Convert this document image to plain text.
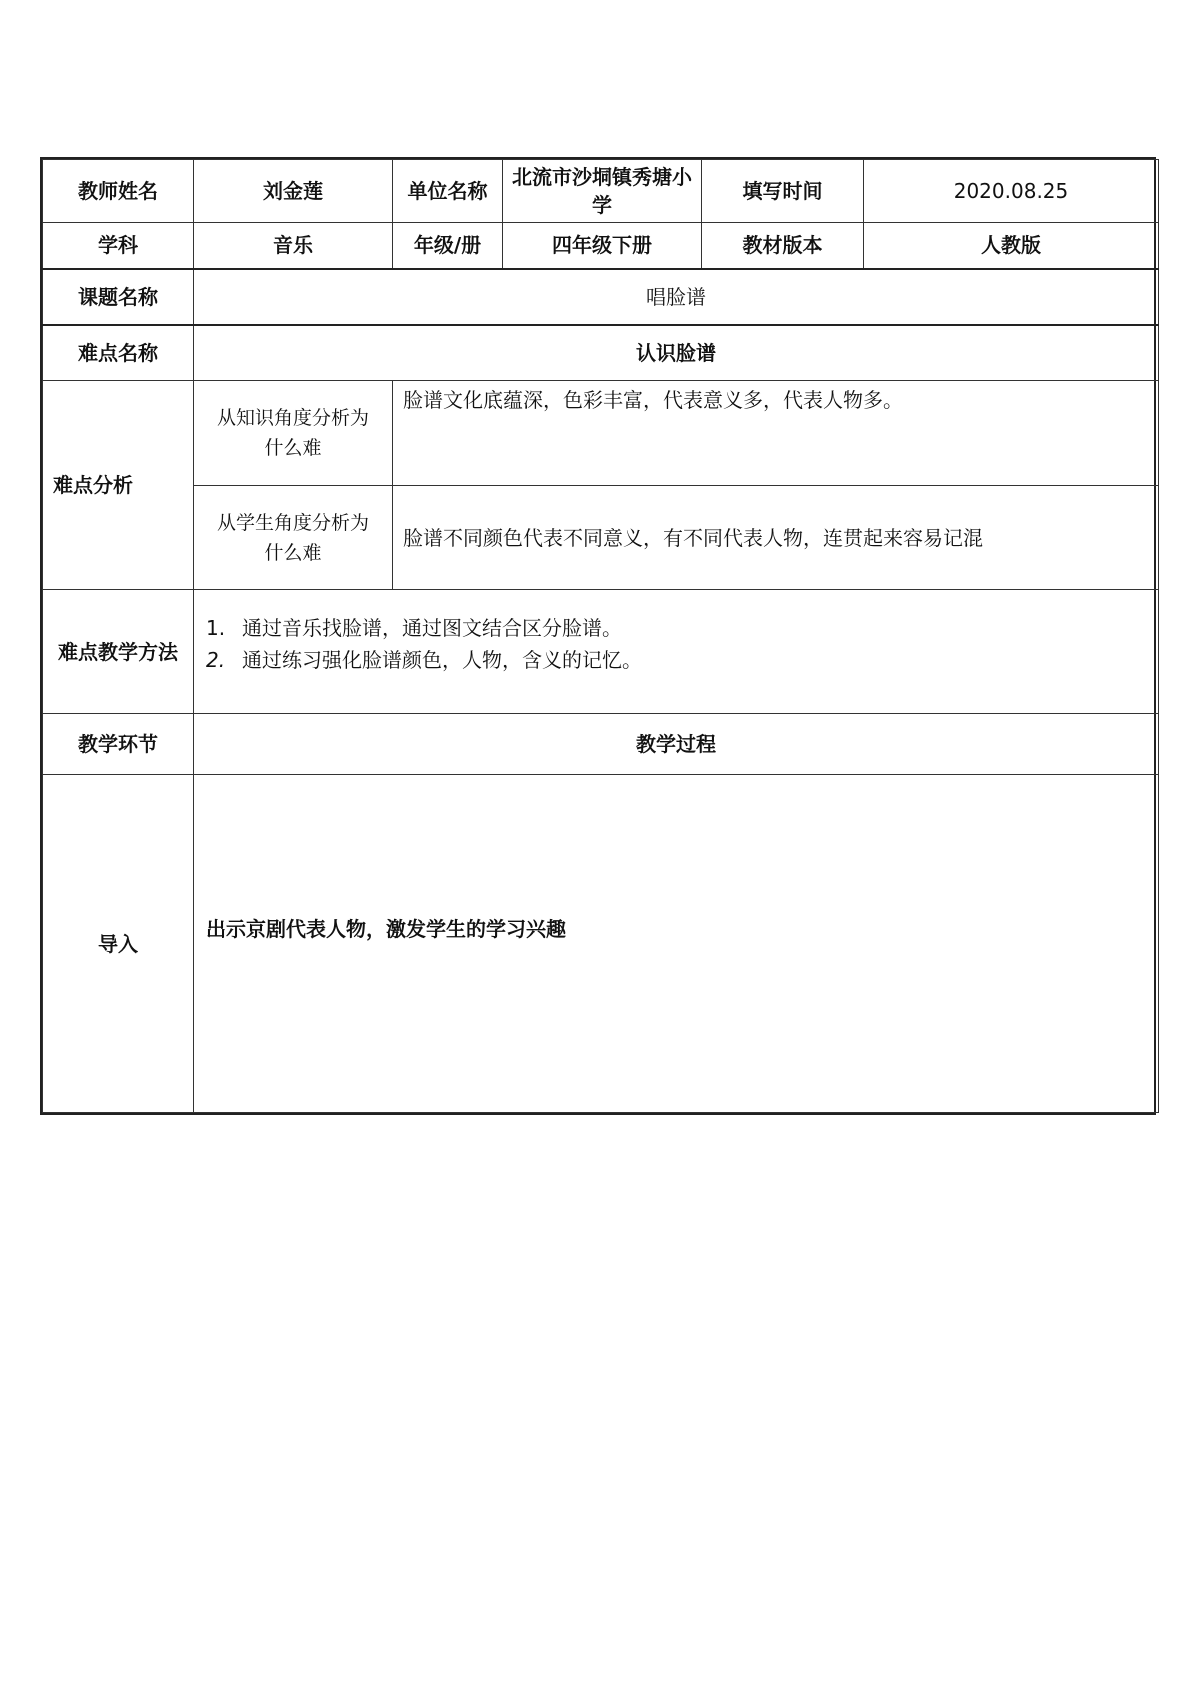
教师姓名	刘金莲	单位名称	北流市沙垌镇秀塘小学	填写时间	2020.08.25
学科	音乐	年级/册	四年级下册	教材版本	人教版
课题名称	唱脸谱				
难点名称	认识脸谱				
难点分析	从知识角度分析为什么难	脸谱文化底蕴深，色彩丰富，代表意义多，代表人物多。			
	从学生角度分析为什么难	脸谱不同颜色代表不同意义，有不同代表人物，连贯起来容易记混			
难点教学方法	1. 通过音乐找脸谱，通过图文结合区分脸谱。
2. 通过练习强化脸谱颜色，人物，含义的记忆。				

教学环节	教学过程				
导入	出示京剧代表人物，激发学生的学习兴趣				
